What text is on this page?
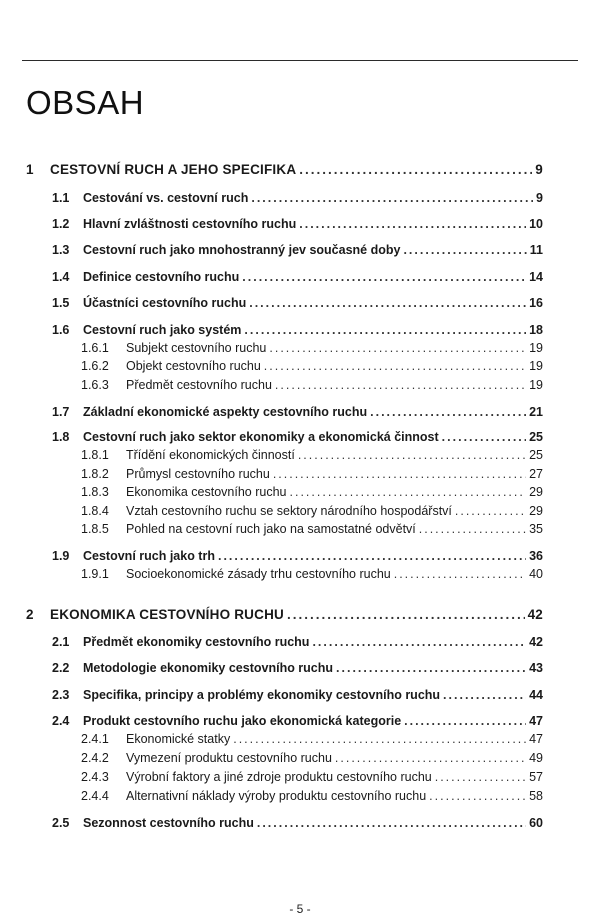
OBSAH
1	CESTOVNÍ RUCH A JEHO SPECIFIKA .....	9
1.1	Cestování vs. cestovní ruch .....	9
1.2	Hlavní zvláštnosti cestovního ruchu .....	10
1.3	Cestovní ruch jako mnohostranný jev současné doby .....	11
1.4	Definice cestovního ruchu .....	14
1.5	Účastníci cestovního ruchu .....	16
1.6	Cestovní ruch jako systém .....	18
1.6.1	Subjekt cestovního ruchu .....	19
1.6.2	Objekt cestovního ruchu .....	19
1.6.3	Předmět cestovního ruchu .....	19
1.7	Základní ekonomické aspekty cestovního ruchu .....	21
1.8	Cestovní ruch jako sektor ekonomiky a ekonomická činnost .....	25
1.8.1	Třídění ekonomických činností .....	25
1.8.2	Průmysl cestovního ruchu .....	27
1.8.3	Ekonomika cestovního ruchu .....	29
1.8.4	Vztah cestovního ruchu se sektory národního hospodářství .....	29
1.8.5	Pohled na cestovní ruch jako na samostatné odvětví .....	35
1.9	Cestovní ruch jako trh .....	36
1.9.1	Socioekonomické zásady trhu cestovního ruchu .....	40
2	EKONOMIKA CESTOVNÍHO RUCHU .....	42
2.1	Předmět ekonomiky cestovního ruchu .....	42
2.2	Metodologie ekonomiky cestovního ruchu .....	43
2.3	Specifika, principy a problémy ekonomiky cestovního ruchu .....	44
2.4	Produkt cestovního ruchu jako ekonomická kategorie .....	47
2.4.1	Ekonomické statky .....	47
2.4.2	Vymezení produktu cestovního ruchu .....	49
2.4.3	Výrobní faktory a jiné zdroje produktu cestovního ruchu .....	57
2.4.4	Alternativní náklady výroby produktu cestovního ruchu .....	58
2.5	Sezonnost cestovního ruchu .....	60
- 5 -
